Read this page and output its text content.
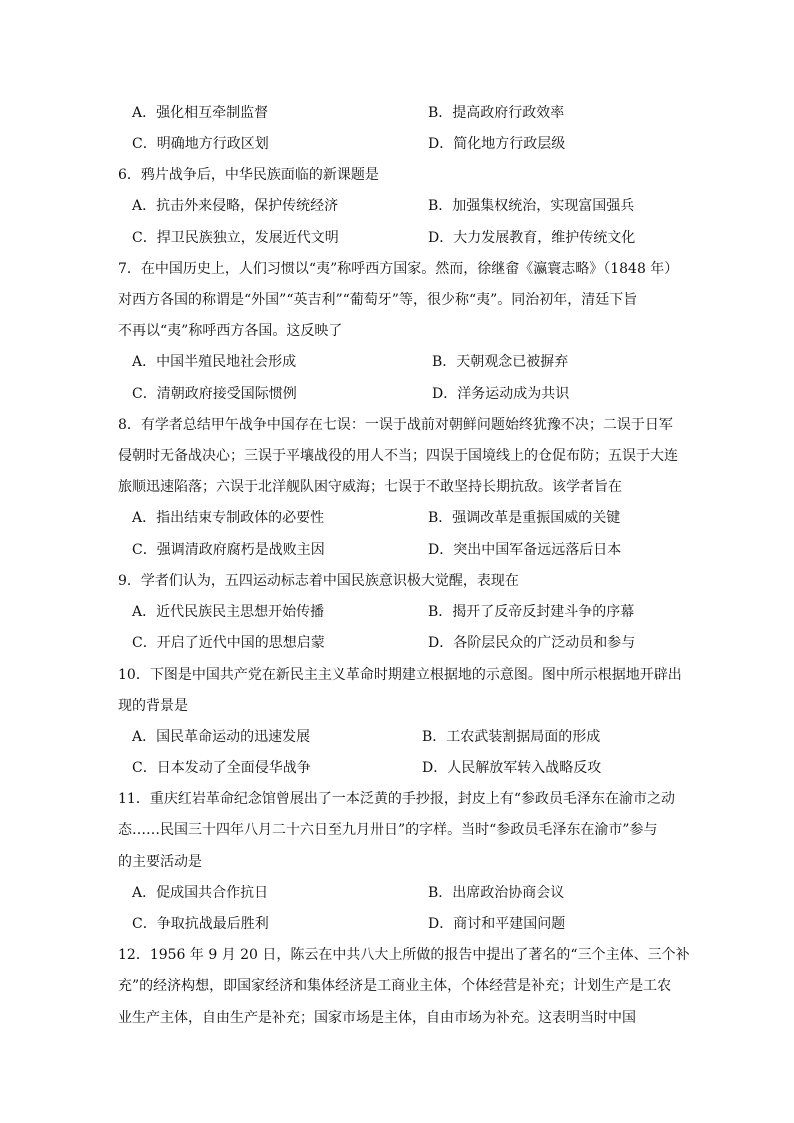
A．强化相互牵制监督	B．提高政府行政效率
C．明确地方行政区划	D．简化地方行政层级
6．鸦片战争后，中华民族面临的新课题是
A．抗击外来侵略，保护传统经济	B．加强集权统治，实现富国强兵
C．捍卫民族独立，发展近代文明	D．大力发展教育，维护传统文化
7．在中国历史上，人们习惯以“夷”称呼西方国家。然而，徐继畲《瀛寰志略》（1848 年）
对西方各国的称谓是“外国”“英吉利”“葡萄牙”等，很少称“夷”。同治初年，清廷下旨
不再以“夷”称呼西方各国。这反映了
A．中国半殖民地社会形成	B．天朝观念已被摒弃
C．清朝政府接受国际惯例	D．洋务运动成为共识
8．有学者总结甲午战争中国存在七误：一误于战前对朝鲜问题始终犹豫不决；二误于日军
侵朝时无备战决心；三误于平壤战役的用人不当；四误于国境线上的仓促布防；五误于大连
旅顺迅速陷落；六误于北洋舰队困守威海；七误于不敢坚持长期抗敌。该学者旨在
A．指出结束专制政体的必要性	B．强调改革是重振国威的关键
C．强调清政府腐朽是战败主因	D．突出中国军备远远落后日本
9．学者们认为，五四运动标志着中国民族意识极大觉醒，表现在
A．近代民族民主思想开始传播	B．揭开了反帝反封建斗争的序幕
C．开启了近代中国的思想启蒙	D．各阶层民众的广泛动员和参与
10．下图是中国共产党在新民主主义革命时期建立根据地的示意图。图中所示根据地开辟出
现的背景是
A．国民革命运动的迅速发展	B．工农武装割据局面的形成
C．日本发动了全面侵华战争	D．人民解放军转入战略反攻
11．重庆红岩革命纪念馆曾展出了一本泛黄的手抄报，封皮上有“参政员毛泽东在渝市之动
态……民国三十四年八月二十六日至九月卅日”的字样。当时“参政员毛泽东在渝市”参与
的主要活动是
A．促成国共合作抗日	B．出席政治协商会议
C．争取抗战最后胜利	D．商讨和平建国问题
12．1956 年 9 月 20 日，陈云在中共八大上所做的报告中提出了著名的“三个主体、三个补
充”的经济构想，即国家经济和集体经济是工商业主体，个体经营是补充；计划生产是工农
业生产主体，自由生产是补充；国家市场是主体，自由市场为补充。这表明当时中国
